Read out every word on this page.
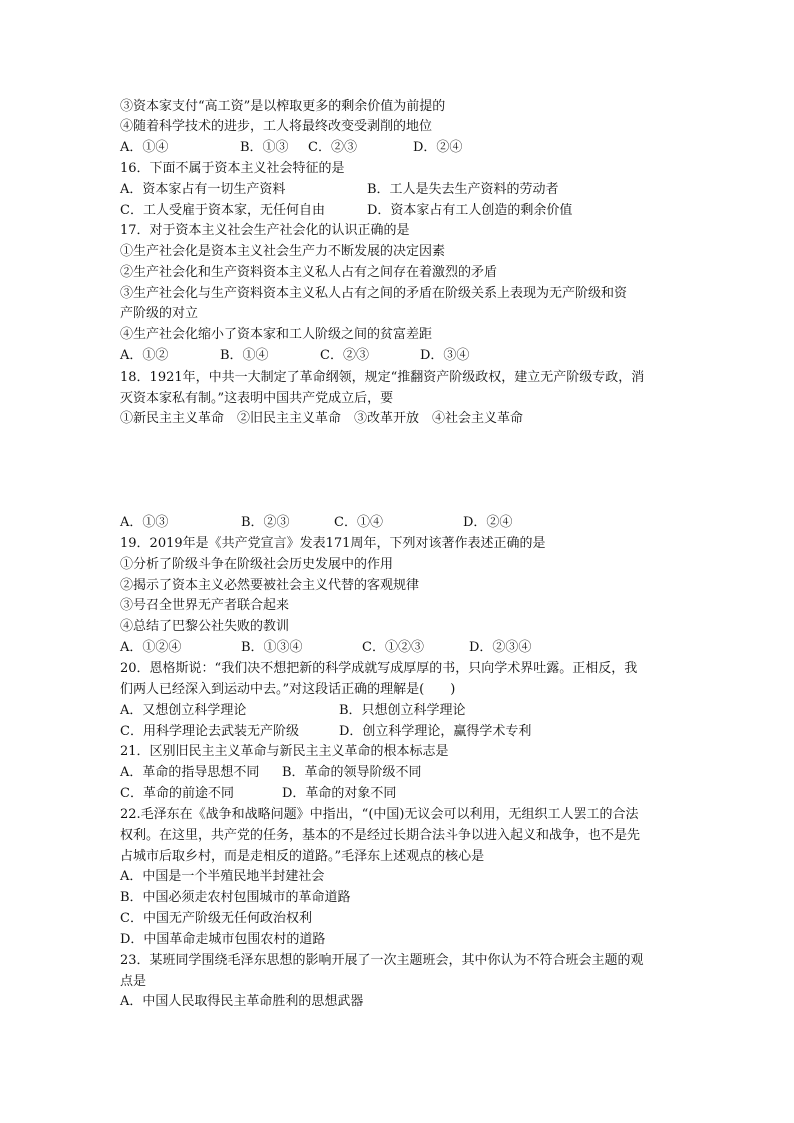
③资本家支付“高工资”是以榨取更多的剩余价值为前提的
④随着科学技术的进步，工人将最终改变受剥削的地位
A．①④	B．①③ C．②③	D．②④
16．下面不属于资本主义社会特征的是
A．资本家占有一切生产资料	B．工人是失去生产资料的劳动者
C．工人受雇于资本家，无任何自由	D．资本家占有工人创造的剩余价值
17．对于资本主义社会生产社会化的认识正确的是
①生产社会化是资本主义社会生产力不断发展的决定因素
②生产社会化和生产资料资本主义私人占有之间存在着激烈的矛盾
③生产社会化与生产资料资本主义私人占有之间的矛盾在阶级关系上表现为无产阶级和资
产阶级的对立
④生产社会化缩小了资本家和工人阶级之间的贫富差距
A．①②	B．①④	C．②③	D．③④
18．1921年，中共一大制定了革命纲领，规定“推翻资产阶级政权，建立无产阶级专政，消
灭资本家私有制。”这表明中国共产党成立后，要
①新民主主义革命　②旧民主主义革命　③改革开放　④社会主义革命
A．①③	B．②③	C．①④	D．②④
19．2019年是《共产党宣言》发表171周年，下列对该著作表述正确的是
①分析了阶级斗争在阶级社会历史发展中的作用
②揭示了资本主义必然要被社会主义代替的客观规律
③号召全世界无产者联合起来
④总结了巴黎公社失败的教训
A．①②④	B．①③④	C．①②③	D．②③④
20．恩格斯说：“我们决不想把新的科学成就写成厚厚的书，只向学术界吐露。正相反，我
们两人已经深入到运动中去。”对这段话正确的理解是(　　)
A．又想创立科学理论	B．只想创立科学理论
C．用科学理论去武装无产阶级	D．创立科学理论，赢得学术专利
21．区别旧民主主义革命与新民主主义革命的根本标志是
A．革命的指导思想不同 B．革命的领导阶级不同
C．革命的前途不同	D．革命的对象不同
22.毛泽东在《战争和战略问题》中指出，“(中国)无议会可以利用，无组织工人罢工的合法
权利。在这里，共产党的任务，基本的不是经过长期合法斗争以进入起义和战争，也不是先
占城市后取乡村，而是走相反的道路。”毛泽东上述观点的核心是
A．中国是一个半殖民地半封建社会
B．中国必须走农村包围城市的革命道路
C．中国无产阶级无任何政治权利
D．中国革命走城市包围农村的道路
23．某班同学围绕毛泽东思想的影响开展了一次主题班会，其中你认为不符合班会主题的观
点是
A．中国人民取得民主革命胜利的思想武器
